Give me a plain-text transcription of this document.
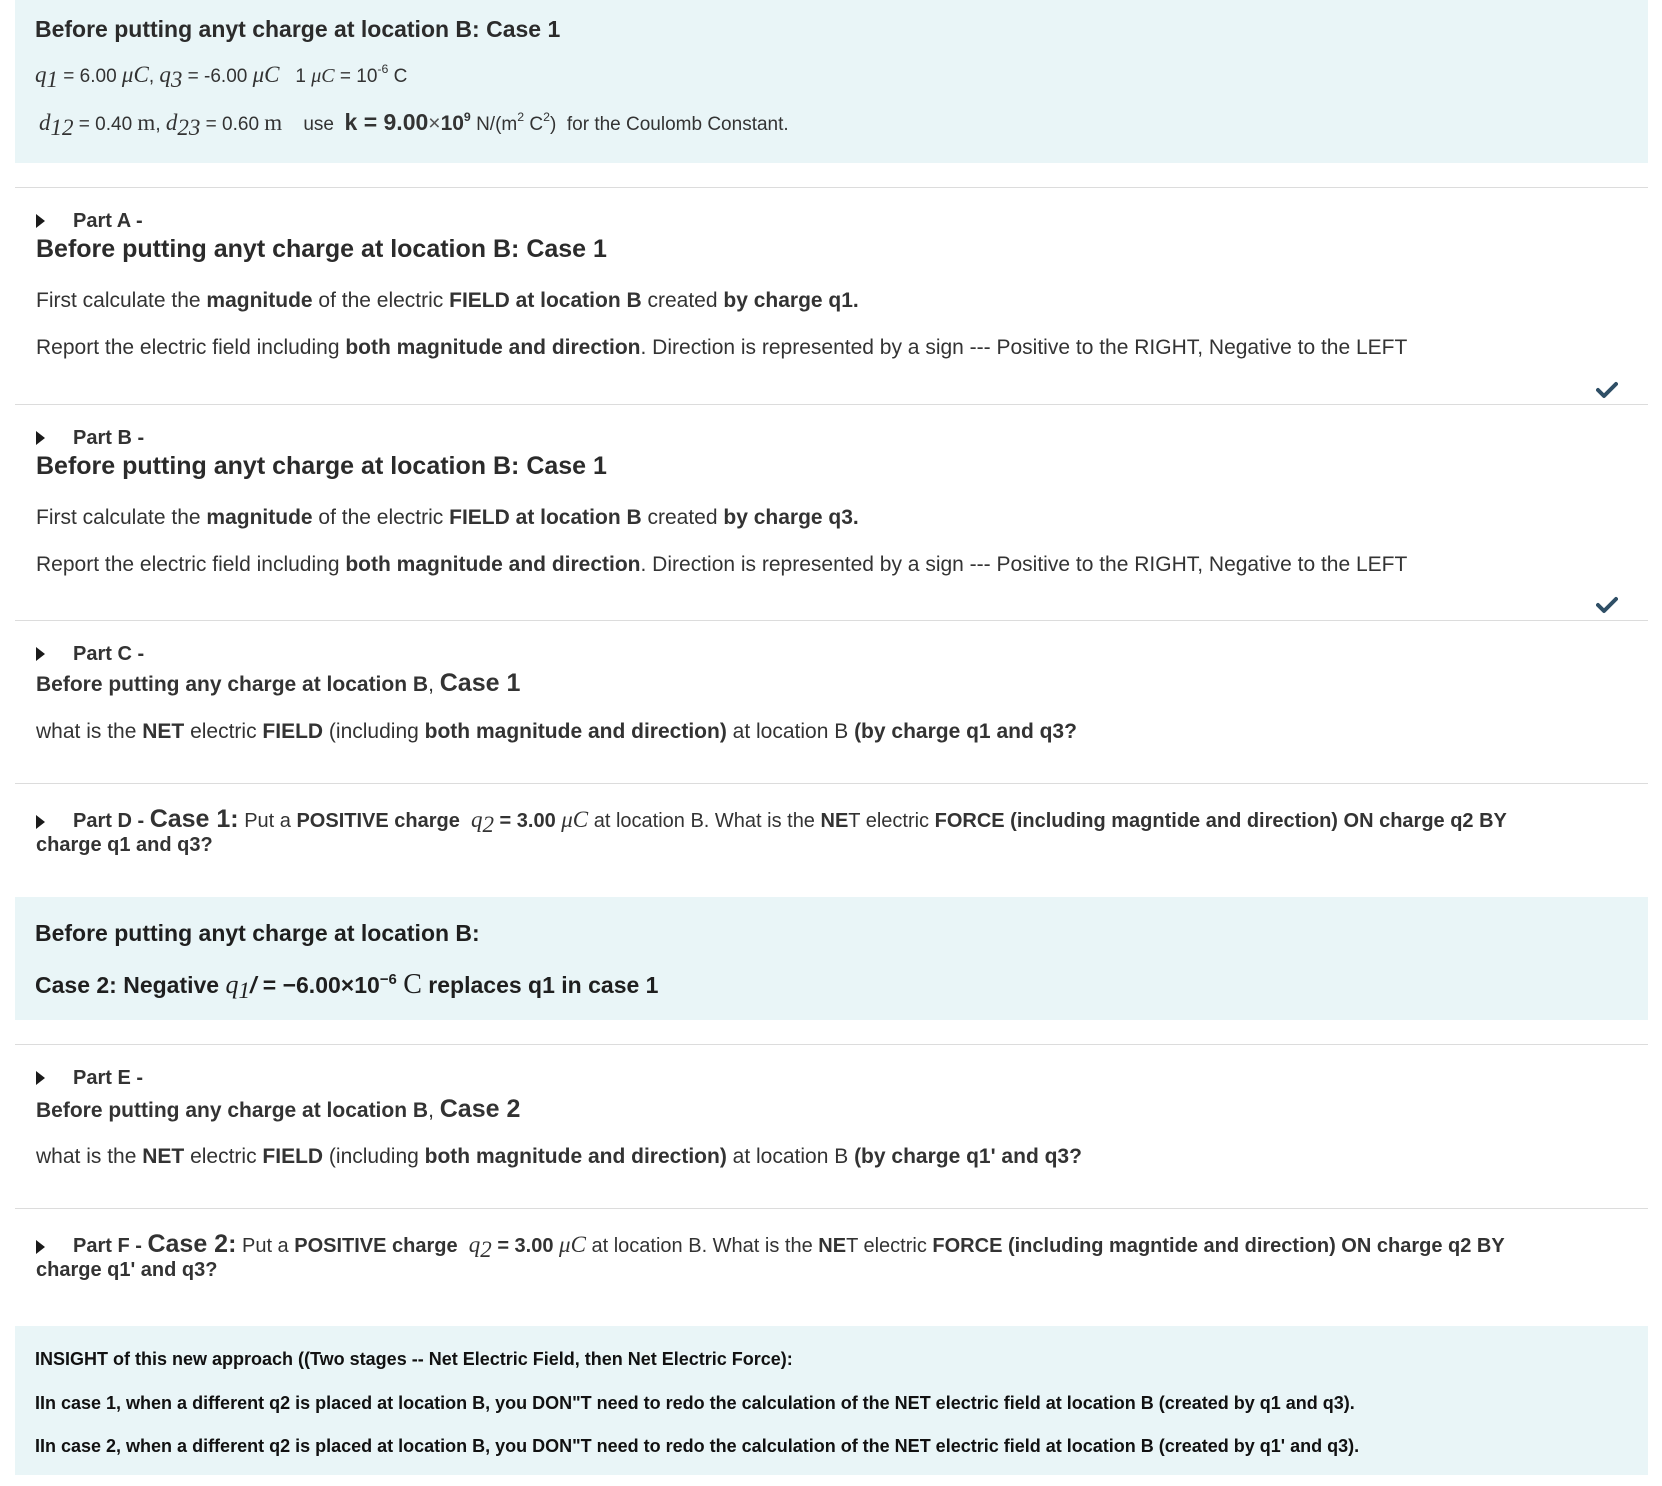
Before putting anyt charge at location B: Case 1
$q_1 = 6.00$ μC, $q_3 = -6.00$ μC 1 $\mu C = 10^{-6}$ C
$d_{12} = 0.40$ m, $d_{23} = 0.60$ m use $k = 9.00\times 10^9$ $N/(m^2$ $C^2$) for the Coulomb Constant.
Part A -
Before putting anyt charge at location B: Case 1
First calculate the magnitude of the electric FIELD at location B created by charge q1.
Report the electric field including both magnitude and direction. Direction is represented by a sign --- Positive to the RIGHT, Negative to the LEFT
Part B -
Before putting anyt charge at location B: Case 1
First calculate the magnitude of the electric FIELD at location B created by charge q3.
Report the electric field including both magnitude and direction. Direction is represented by a sign --- Positive to the RIGHT, Negative to the LEFT
Part C -
Before putting any charge at location B, Case 1
what is the NET electric FIELD (including both magnitude and direction) at location B (by charge q1 and q3?
Part D - Case 1: Put a POSITIVE charge $q_2 = 3.00$ μC at location B. What is the NET electric FORCE (including magntide and direction) ON charge q2 BY
charge q1 and q3?
Before putting anyt charge at location B:
Case 2: Negative $q_1/ = -6.00\times 10^{-6}$ C replaces q1 in case 1
Part E -
Before putting any charge at location B, Case 2
what is the NET electric FIELD (including both magnitude and direction) at location B (by charge q1' and q3?
Part F - Case 2: Put a POSITIVE charge $q_2 = 3.00$ μC at location B. What is the NET electric FORCE (including magntide and direction) ON charge q2 BY
charge q1' and q3?
INSIGHT of this new approach ((Two stages -- Net Electric Field, then Net Electric Force):
IIn case 1, when a different q2 is placed at location B, you DON"T need to redo the calculation of the NET electric field at location B (created by q1 and q3).
IIn case 2, when a different q2 is placed at location B, you DON"T need to redo the calculation of the NET electric field at location B (created by q1' and q3).
